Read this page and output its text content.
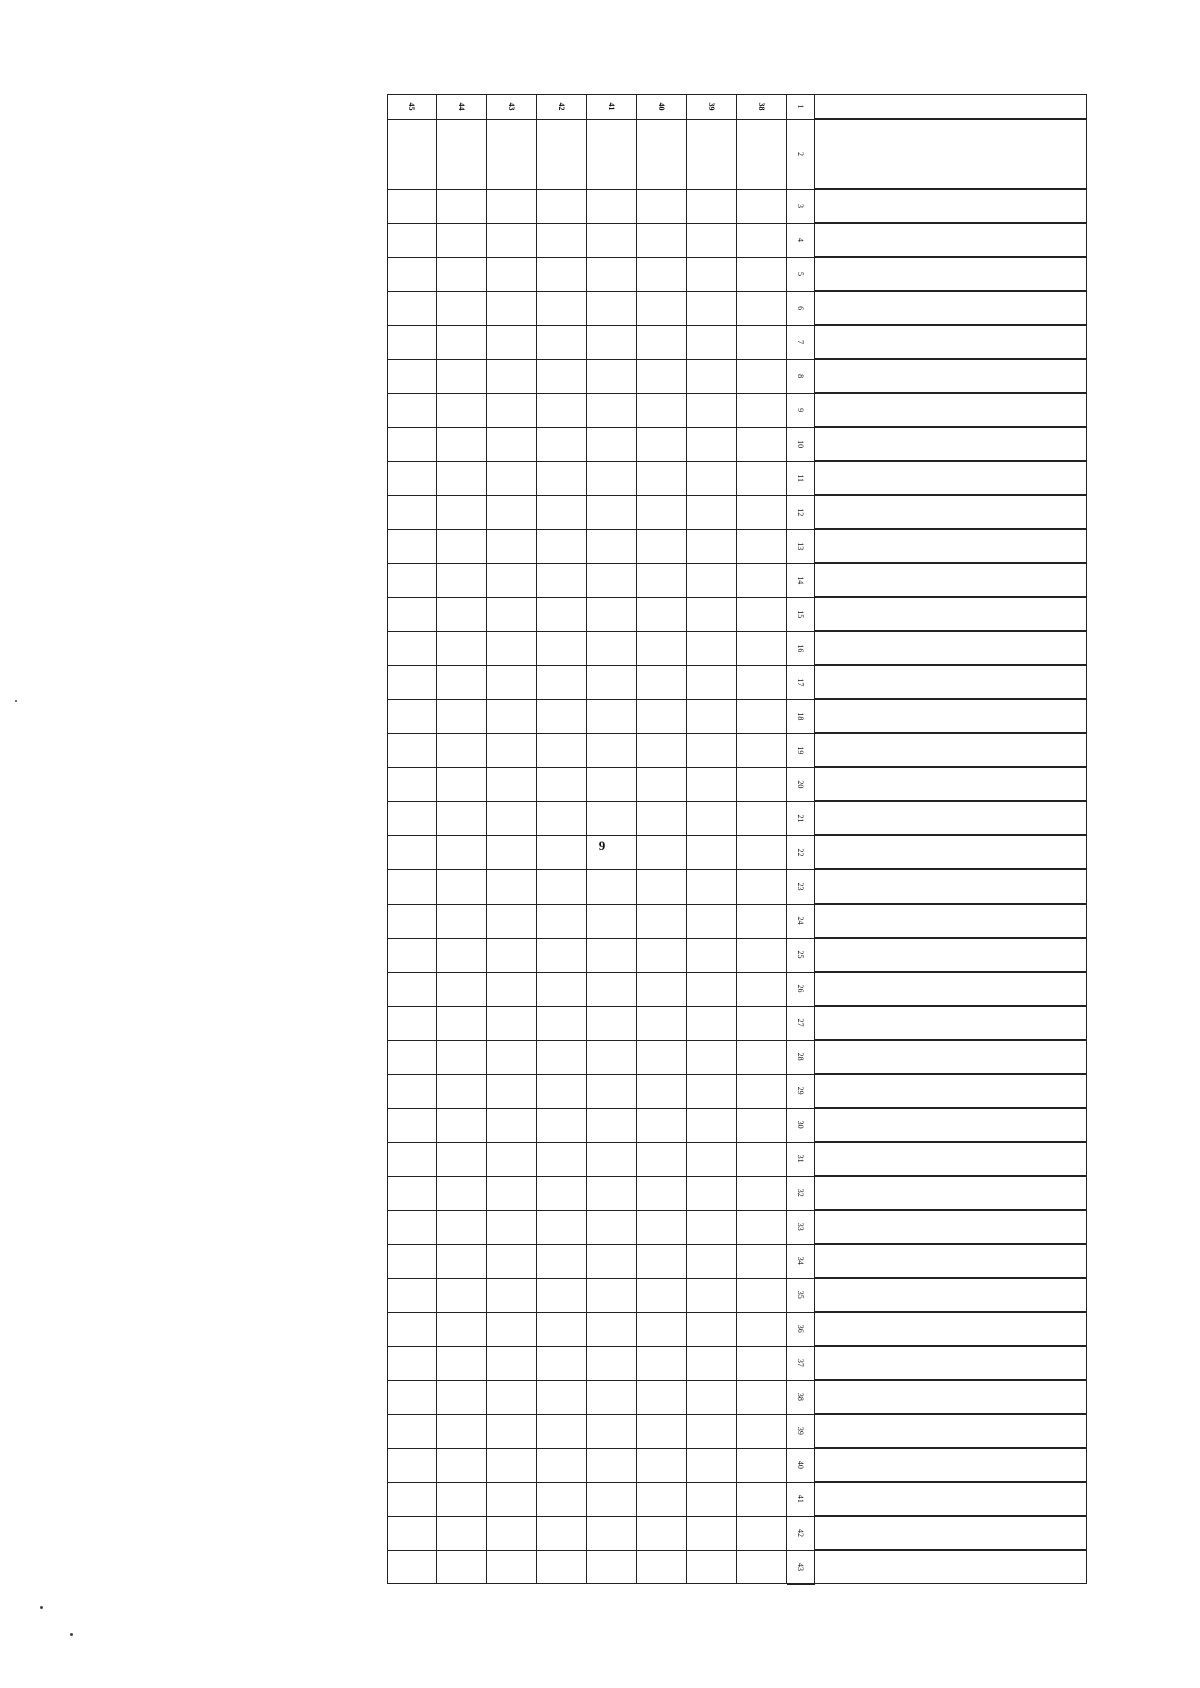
9
1
2
3
4
5
6
7
8
9
10
11
12
13
14
15
16
17
18
19
20
21
22
23
24
25
26
27
28
29
30
31
32
33
34
35
36
37
38
39
40
41
42
43
38
39
40
41
42
43
44
45
